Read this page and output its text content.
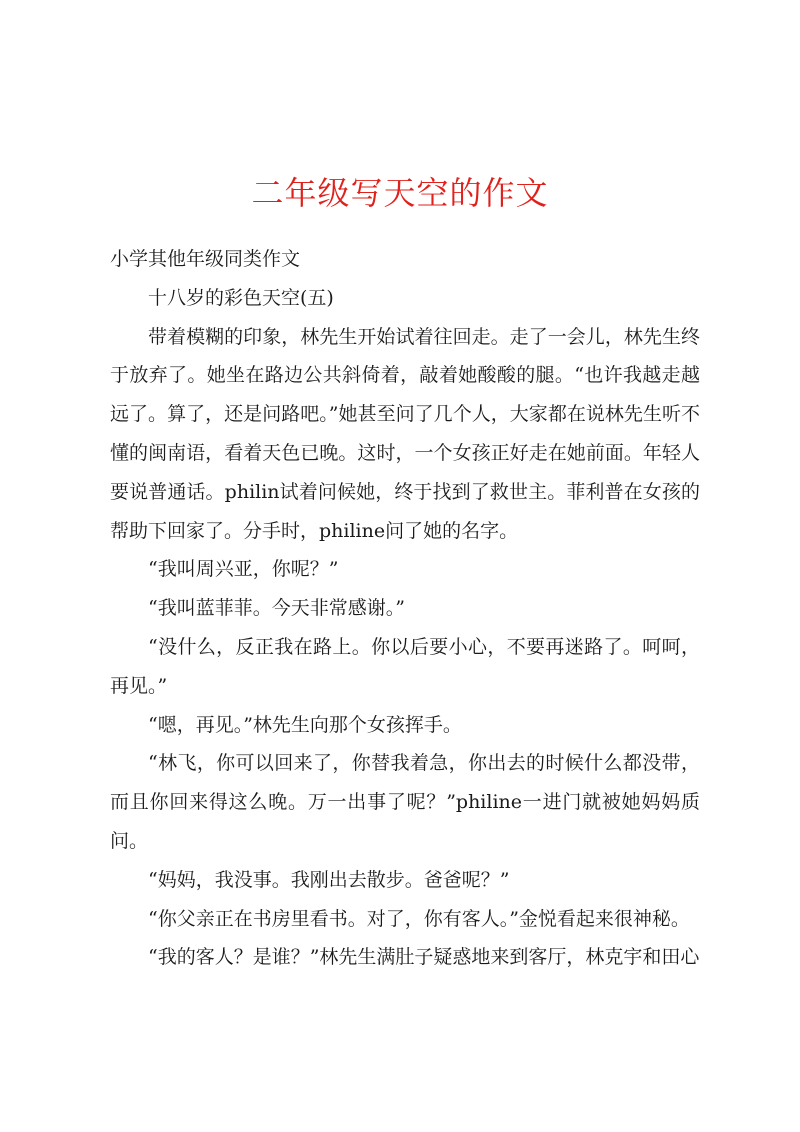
二年级写天空的作文

小学其他年级同类作文

十八岁的彩色天空(五)

带着模糊的印象，林先生开始试着往回走。走了一会儿，林先生终于放弃了。她坐在路边公共斜倚着，敲着她酸酸的腿。“也许我越走越远了。算了，还是问路吧。”她甚至问了几个人，大家都在说林先生听不懂的闽南语，看着天色已晚。这时，一个女孩正好走在她前面。年轻人要说普通话。philin试着问候她，终于找到了救世主。菲利普在女孩的帮助下回家了。分手时，philine问了她的名字。

“我叫周兴亚，你呢？”

“我叫蓝菲菲。今天非常感谢。”

“没什么，反正我在路上。你以后要小心，不要再迷路了。呵呵，再见。”

“嗯，再见。”林先生向那个女孩挥手。

“林飞，你可以回来了，你替我着急，你出去的时候什么都没带，而且你回来得这么晚。万一出事了呢？”philine一进门就被她妈妈质问。

“妈妈，我没事。我刚出去散步。爸爸呢？”

“你父亲正在书房里看书。对了，你有客人。”金悦看起来很神秘。

“我的客人？是谁？”林先生满肚子疑惑地来到客厅，林克宇和田心
